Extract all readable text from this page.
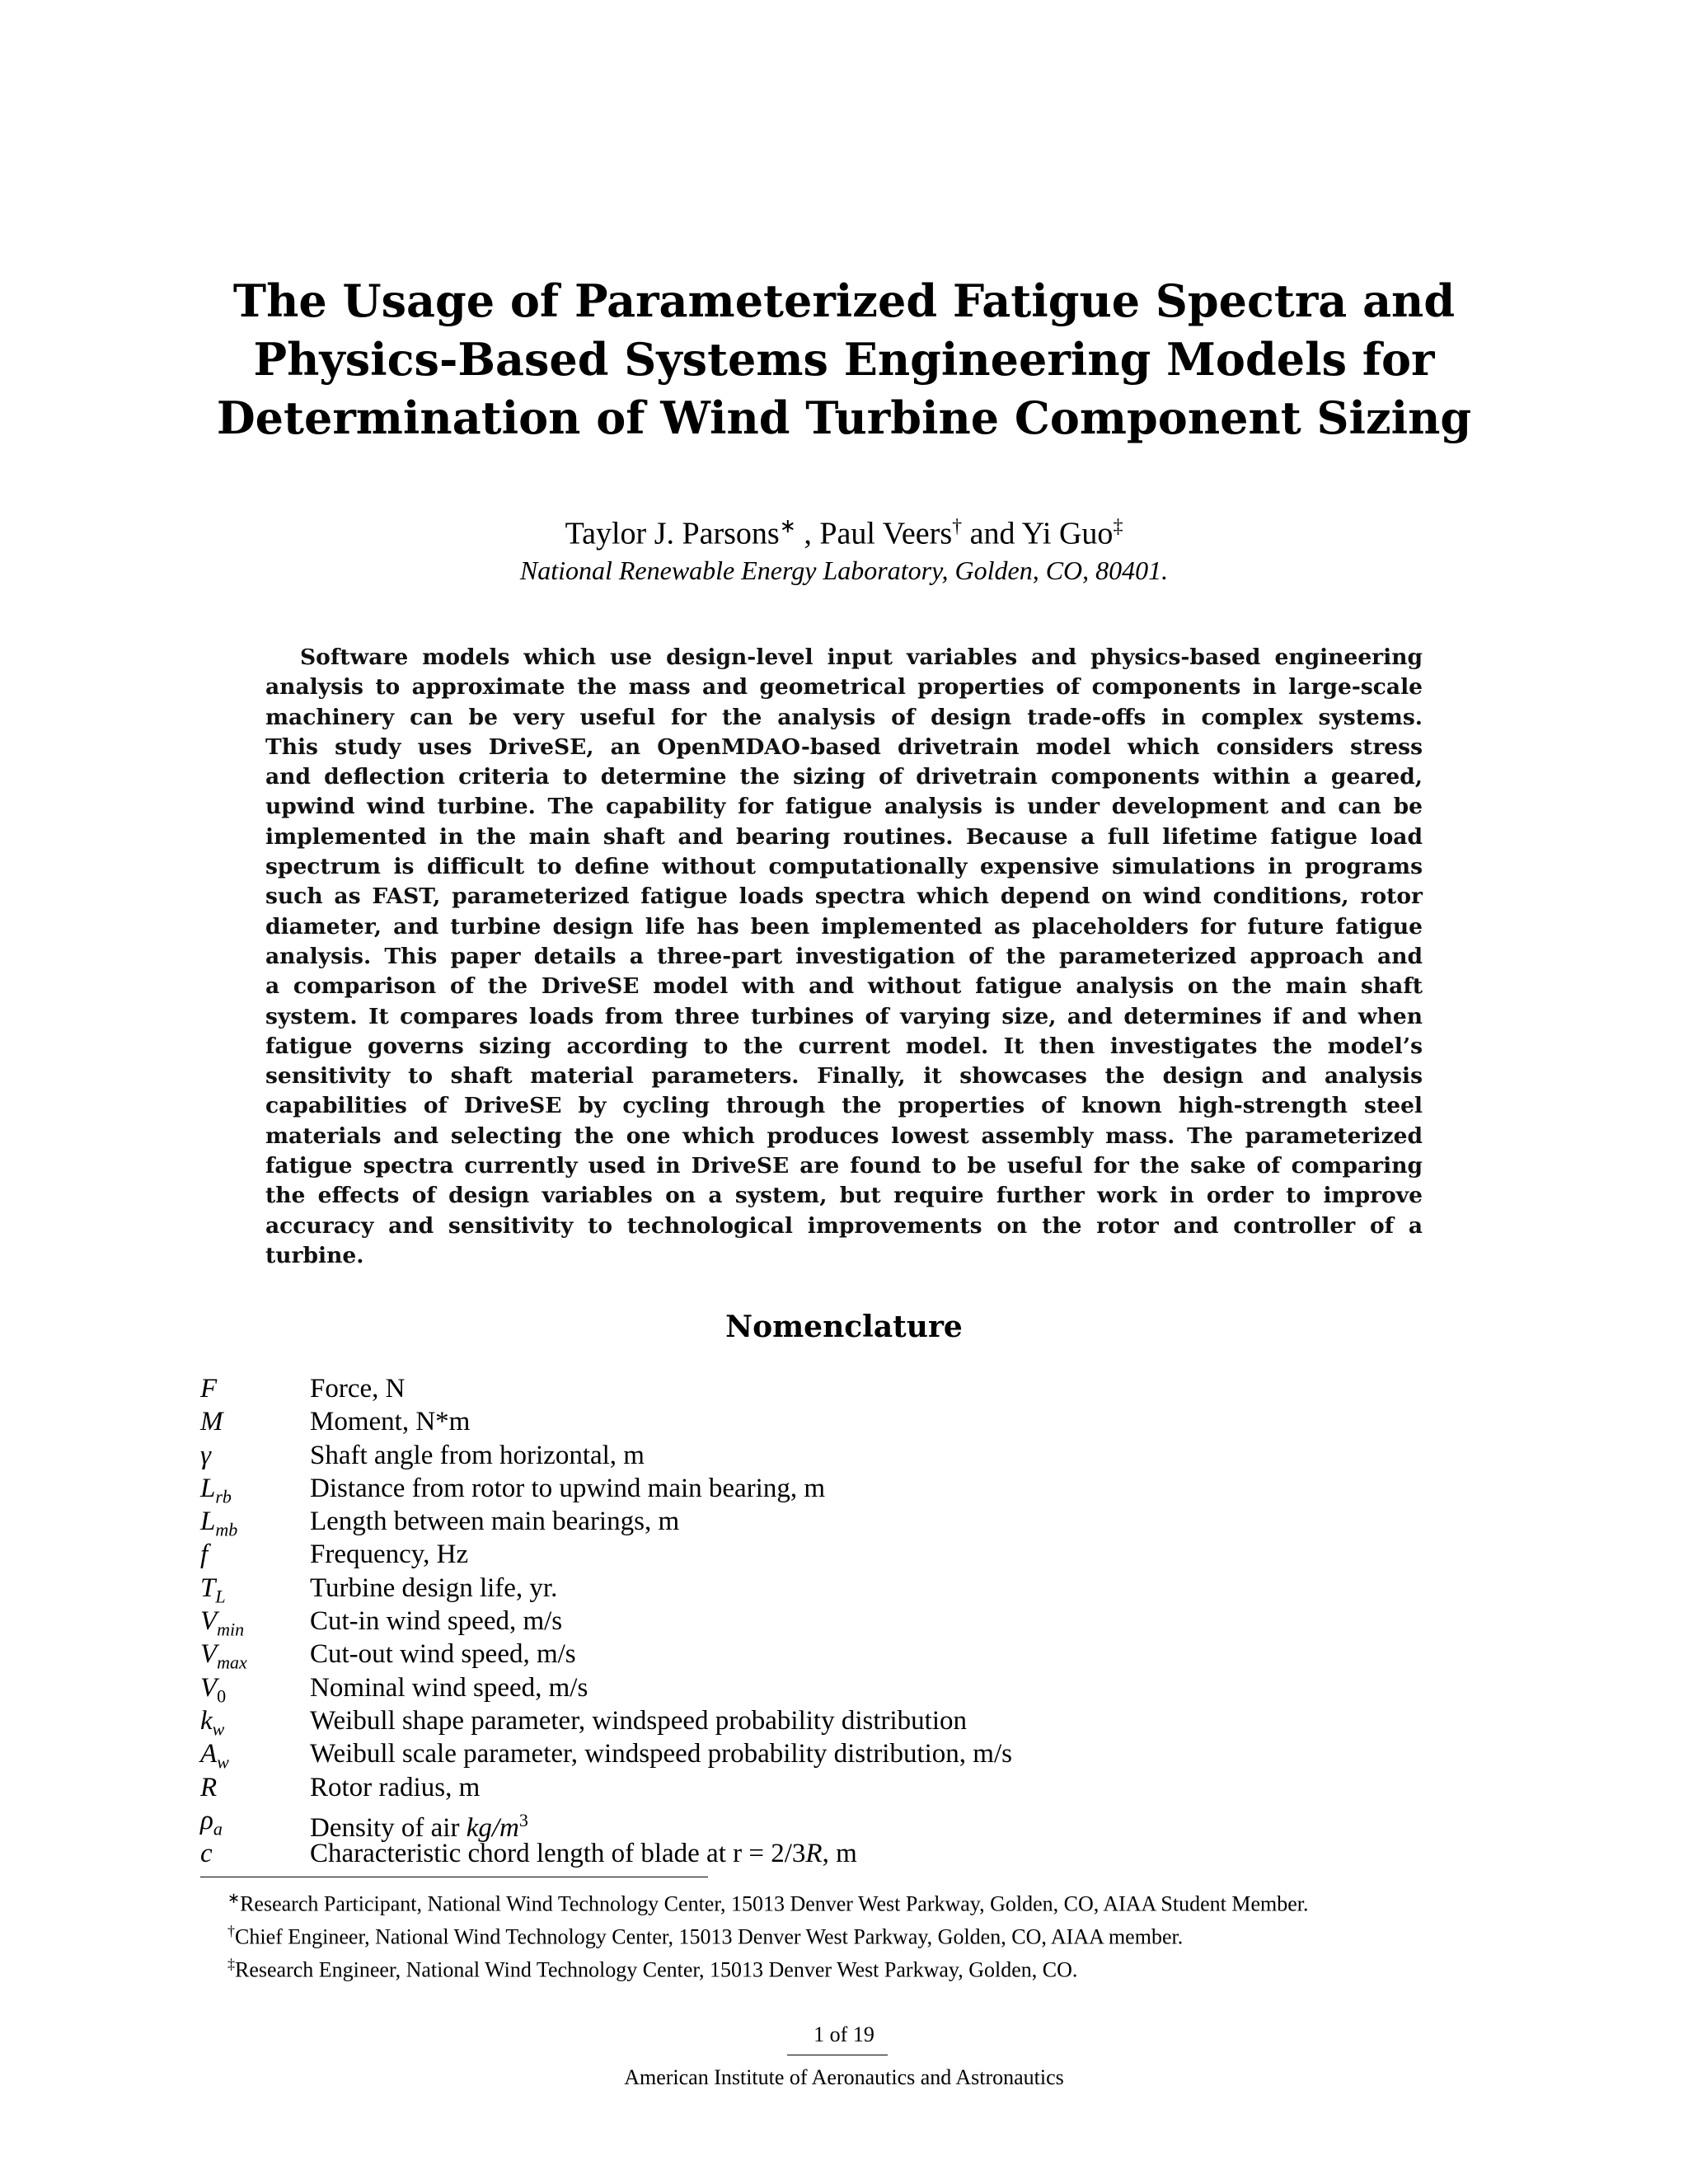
The Usage of Parameterized Fatigue Spectra and
Physics-Based Systems Engineering Models for
Determination of Wind Turbine Component Sizing
Taylor J. Parsons∗ , Paul Veers† and Yi Guo‡
National Renewable Energy Laboratory, Golden, CO, 80401.
Software models which use design-level input variables and physics-based engineering
analysis to approximate the mass and geometrical properties of components in large-scale
machinery can be very useful for the analysis of design trade-offs in complex systems.
This study uses DriveSE, an OpenMDAO-based drivetrain model which considers stress
and deflection criteria to determine the sizing of drivetrain components within a geared,
upwind wind turbine. The capability for fatigue analysis is under development and can be
implemented in the main shaft and bearing routines. Because a full lifetime fatigue load
spectrum is difficult to define without computationally expensive simulations in programs
such as FAST, parameterized fatigue loads spectra which depend on wind conditions, rotor
diameter, and turbine design life has been implemented as placeholders for future fatigue
analysis. This paper details a three-part investigation of the parameterized approach and
a comparison of the DriveSE model with and without fatigue analysis on the main shaft
system. It compares loads from three turbines of varying size, and determines if and when
fatigue governs sizing according to the current model. It then investigates the model’s
sensitivity to shaft material parameters. Finally, it showcases the design and analysis
capabilities of DriveSE by cycling through the properties of known high-strength steel
materials and selecting the one which produces lowest assembly mass. The parameterized
fatigue spectra currently used in DriveSE are found to be useful for the sake of comparing
the effects of design variables on a system, but require further work in order to improve
accuracy and sensitivity to technological improvements on the rotor and controller of a
turbine.
Nomenclature
F	Force, N
M	Moment, N*m
γ	Shaft angle from horizontal, m
$L_{rb}$	Distance from rotor to upwind main bearing, m
$L_{mb}$	Length between main bearings, m
f	Frequency, Hz
$T_L$	Turbine design life, yr.
$V_{min}$ Cut-in wind speed, m/s
$V_{max}$ Cut-out wind speed, m/s
$V_0$	Nominal wind speed, m/s
$k_w$	Weibull shape parameter, windspeed probability distribution
$A_w$	Weibull scale parameter, windspeed probability distribution, m/s
R	Rotor radius, m
$\rho_a$	Density of air $kg/m^3$
c	Characteristic chord length of blade at r = 2/3R, m
∗Research Participant, National Wind Technology Center, 15013 Denver West Parkway, Golden, CO, AIAA Student Member.
†Chief Engineer, National Wind Technology Center, 15013 Denver West Parkway, Golden, CO, AIAA member.
‡Research Engineer, National Wind Technology Center, 15013 Denver West Parkway, Golden, CO.
1 of 19
American Institute of Aeronautics and Astronautics
